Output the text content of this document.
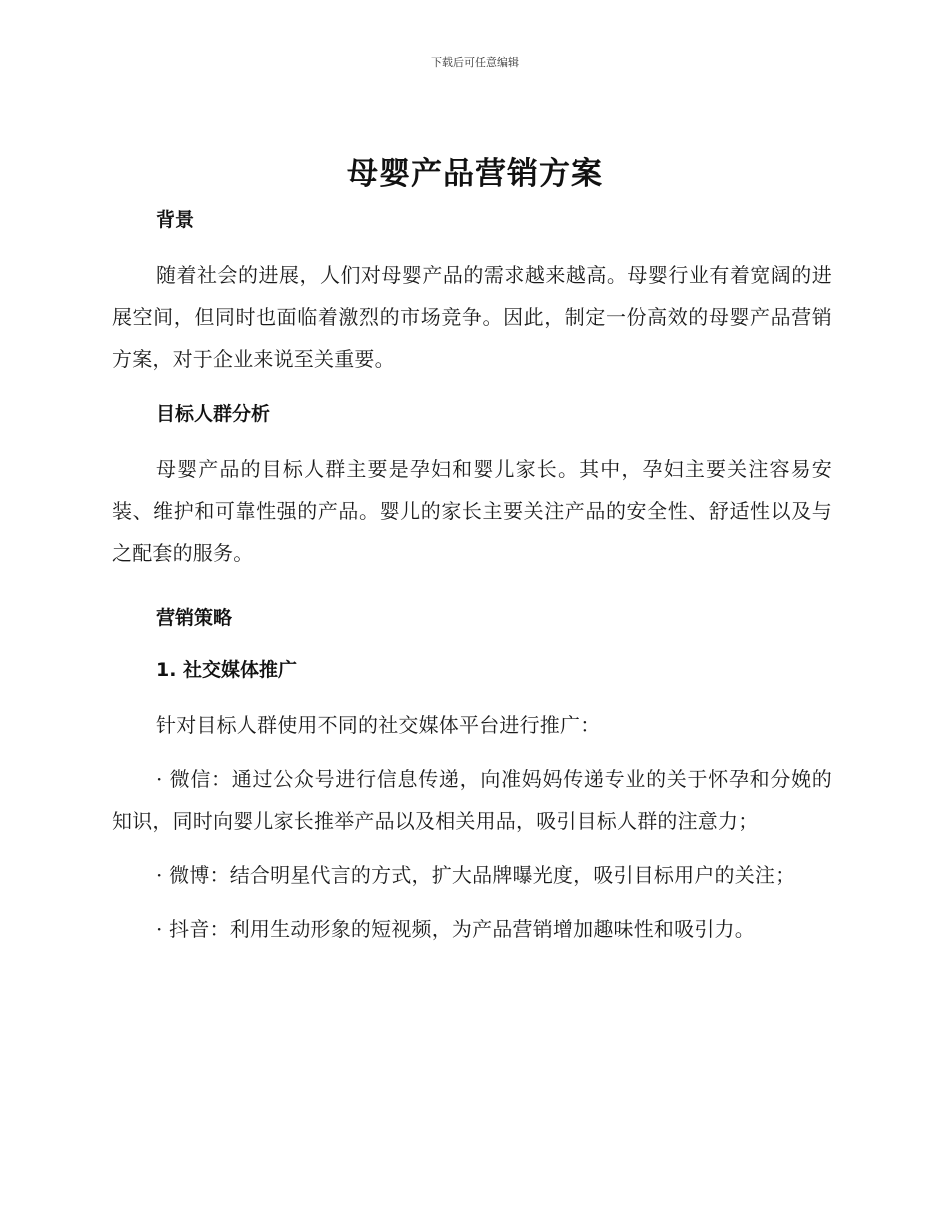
下载后可任意编辑
母婴产品营销方案
背景
随着社会的进展，人们对母婴产品的需求越来越高。母婴行业有着宽阔的进展空间，但同时也面临着激烈的市场竞争。因此，制定一份高效的母婴产品营销方案，对于企业来说至关重要。
目标人群分析
母婴产品的目标人群主要是孕妇和婴儿家长。其中，孕妇主要关注容易安装、维护和可靠性强的产品。婴儿的家长主要关注产品的安全性、舒适性以及与之配套的服务。
营销策略
1. 社交媒体推广
针对目标人群使用不同的社交媒体平台进行推广：
· 微信：通过公众号进行信息传递，向准妈妈传递专业的关于怀孕和分娩的知识，同时向婴儿家长推举产品以及相关用品，吸引目标人群的注意力；
· 微博：结合明星代言的方式，扩大品牌曝光度，吸引目标用户的关注；
· 抖音：利用生动形象的短视频，为产品营销增加趣味性和吸引力。
